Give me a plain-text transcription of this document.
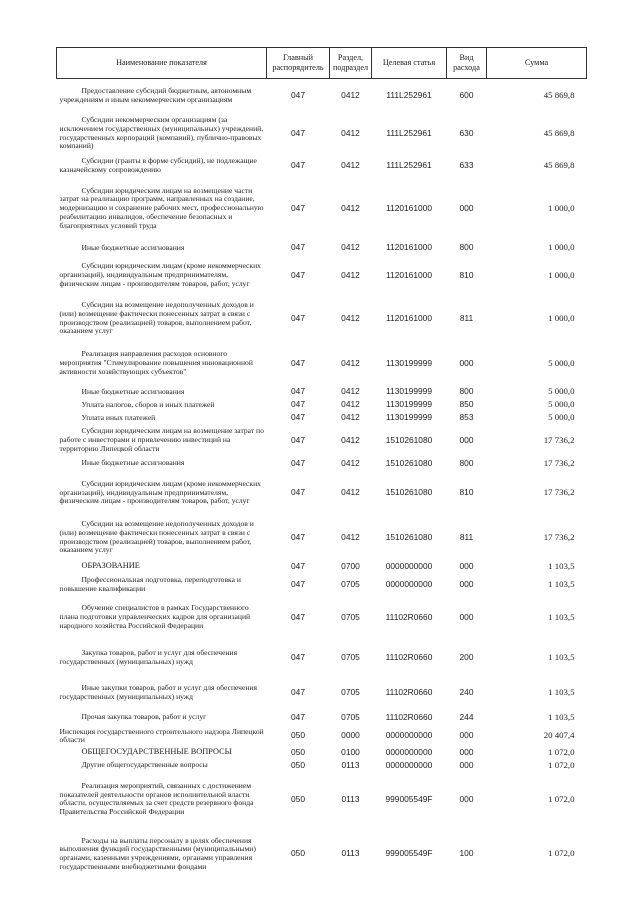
Наименование показателя	Главный распорядитель	Раздел, подраздел	Целевая статья	Вид расхода	Сумма
Предоставление субсидий бюджетным, автономным учреждениям и иным некоммерческим организациям	047	0412	111L252961	600	45 869,8
Субсидии некоммерческим организациям (за исключением государственных (муниципальных) учреждений, государственных корпораций (компаний), публично-правовых компаний)	047	0412	111L252961	630	45 869,8
Субсидии (гранты в форме субсидий), не подлежащие казначейскому сопровождению	047	0412	111L252961	633	45 869,8
Субсидии юридическим лицам на возмещение части затрат на реализацию программ, направленных на создание, модернизацию и сохранение рабочих мест, профессиональную реабилитацию инвалидов, обеспечение безопасных и благоприятных условий труда	047	0412	1120161000	000	1 000,0
Иные бюджетные ассигнования	047	0412	1120161000	800	1 000,0
Субсидии юридическим лицам (кроме некоммерческих организаций), индивидуальным предпринимателям, физическим лицам - производителям товаров, работ, услуг	047	0412	1120161000	810	1 000,0
Субсидии на возмещение недополученных доходов и (или) возмещение фактически понесенных затрат в связи с производством (реализацией) товаров, выполнением работ, оказанием услуг	047	0412	1120161000	811	1 000,0
Реализация направления расходов основного мероприятия "Стимулирование повышения инновационной активности хозяйствующих субъектов"	047	0412	1130199999	000	5 000,0
Иные бюджетные ассигнования	047	0412	1130199999	800	5 000,0
Уплата налогов, сборов и иных платежей	047	0412	1130199999	850	5 000,0
Уплата иных платежей	047	0412	1130199999	853	5 000,0
Субсидии юридическим лицам на возмещение затрат по работе с инвесторами и привлечению инвестиций на территорию Липецкой области	047	0412	1510261080	000	17 736,2
Иные бюджетные ассигнования	047	0412	1510261080	800	17 736,2
Субсидии юридическим лицам (кроме некоммерческих организаций), индивидуальным предпринимателям, физическим лицам - производителям товаров, работ, услуг	047	0412	1510261080	810	17 736,2
Субсидии на возмещение недополученных доходов и (или) возмещение фактически понесенных затрат в связи с производством (реализацией) товаров, выполнением работ, оказанием услуг	047	0412	1510261080	811	17 736,2
ОБРАЗОВАНИЕ	047	0700	0000000000	000	1 103,5
Профессиональная подготовка, переподготовка и повышение квалификации	047	0705	0000000000	000	1 103,5
Обучение специалистов в рамках Государственного плана подготовки управленческих кадров для организаций народного хозяйства Российской Федерации	047	0705	11102R0660	000	1 103,5
Закупка товаров, работ и услуг для обеспечения государственных (муниципальных) нужд	047	0705	11102R0660	200	1 103,5
Иные закупки товаров, работ и услуг для обеспечения государственных (муниципальных) нужд	047	0705	11102R0660	240	1 103,5
Прочая закупка товаров, работ и услуг	047	0705	11102R0660	244	1 103,5
Инспекция государственного строительного надзора Липецкой области	050	0000	0000000000	000	20 407,4
ОБЩЕГОСУДАРСТВЕННЫЕ ВОПРОСЫ	050	0100	0000000000	000	1 072,0
Другие общегосударственные вопросы	050	0113	0000000000	000	1 072,0
Реализация мероприятий, связанных с достижением показателей деятельности органов исполнительной власти области, осуществляемых за счет средств резервного фонда Правительства Российской Федерации	050	0113	999005549F	000	1 072,0
Расходы на выплаты персоналу в целях обеспечения выполнения функций государственными (муниципальными) органами, казенными учреждениями, органами управления государственными внебюджетными фондами	050	0113	999005549F	100	1 072,0
